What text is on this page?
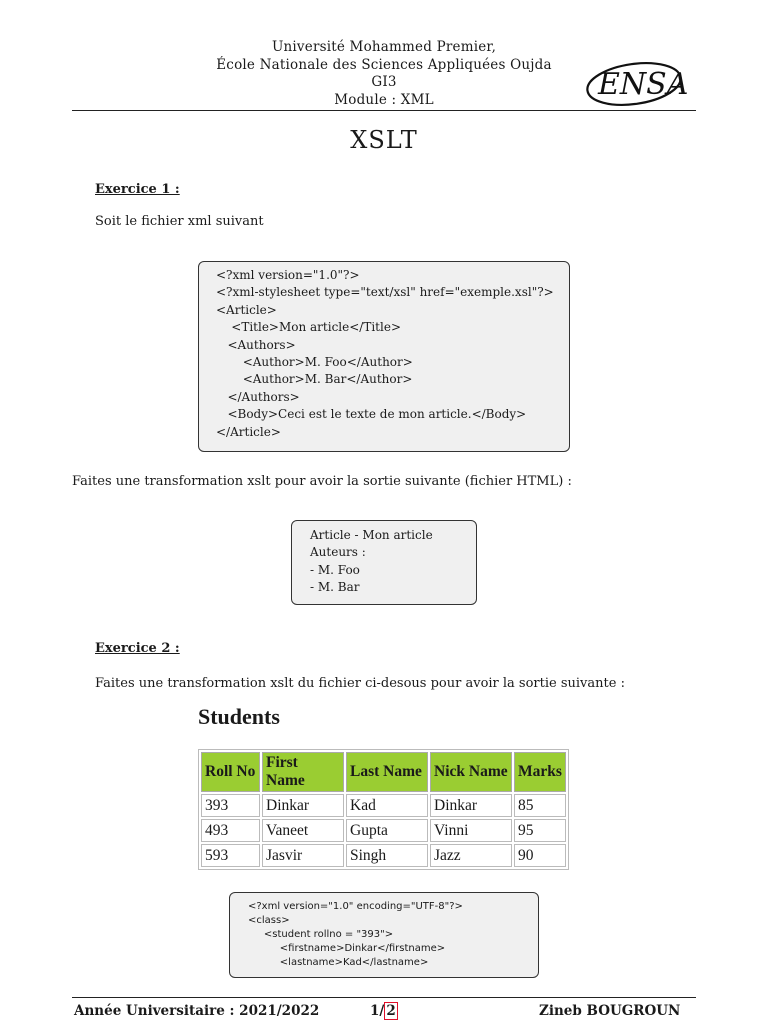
Université Mohammed Premier,
École Nationale des Sciences Appliquées Oujda
GI3
Module : XML	ENSA
XSLT
Exercice 1 :
Soit le fichier xml suivant
<?xml version="1.0"?>
<?xml-stylesheet type="text/xsl" href="exemple.xsl"?>
<Article>
<Title>Mon article</Title>
<Authors>
<Author>M. Foo</Author>
<Author>M. Bar</Author>
</Authors>
<Body>Ceci est le texte de mon article.</Body>
</Article>
Faites une transformation xslt pour avoir la sortie suivante (fichier HTML) :
Article - Mon article
Auteurs :
- M. Foo
- M. Bar
Exercice 2 :
Faites une transformation xslt du fichier ci-desous pour avoir la sortie suivante :
Students
Roll No	First Name	Last Name	Nick Name	Marks
393	Dinkar	Kad	Dinkar	85
493	Vaneet	Gupta	Vinni	95
593	Jasvir	Singh	Jazz	90
<?xml version="1.0" encoding="UTF-8"?>
<class>
<student rollno = "393">
<firstname>Dinkar</firstname>
<lastname>Kad</lastname>
Année Universitaire : 2021/2022	1/ 2	Zineb BOUGROUN
